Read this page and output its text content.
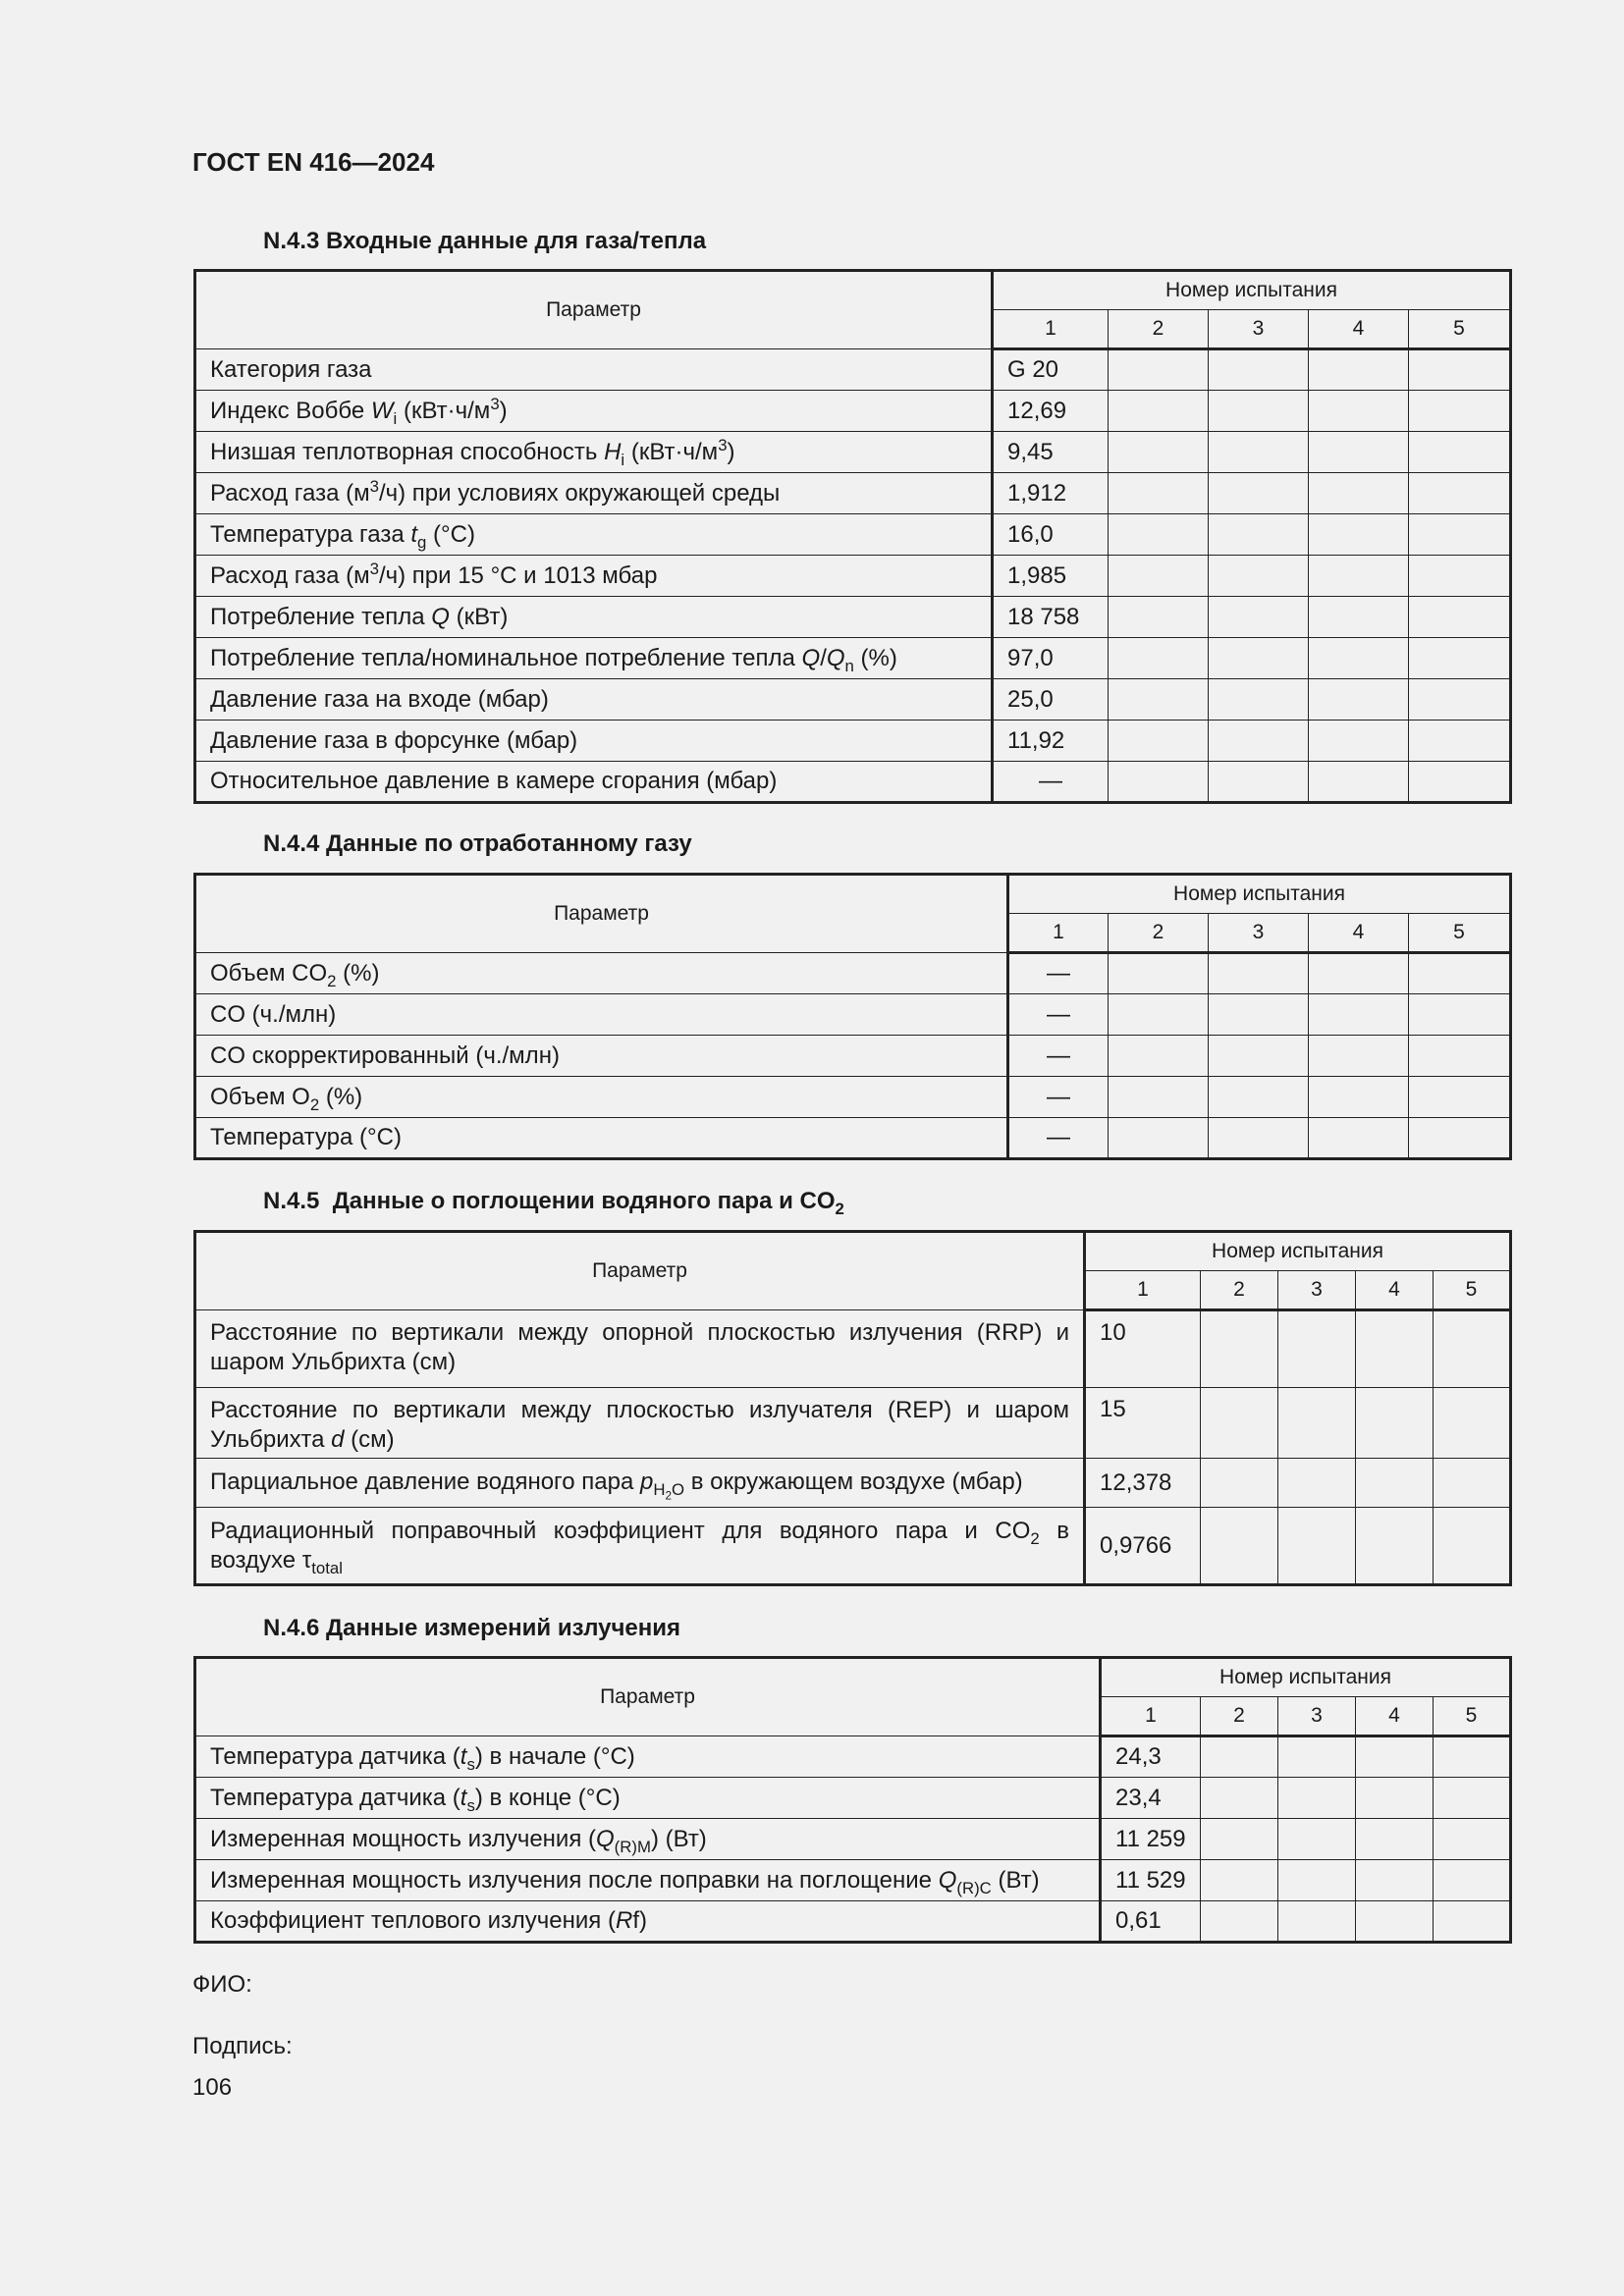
ГОСТ EN 416—2024
N.4.3 Входные данные для газа/тепла
Параметр	Номер испытания				
	1	2	3	4	5
Категория газа	G 20				
Индекс Воббе $W_i$ $(кВт\cdot ч/м^3)$	12,69				
Низшая теплотворная способность $H_i$ $(кВт\cdot ч/м^3)$	9,45				
Расход газа $(м^3/ч)$ при условиях окружающей среды	1,912				
Температура газа $t_g$ (°C)	16,0				
Расход газа $(м^3/ч)$ при 15 °C и 1013 мбар	1,985				
Потребление тепла Q (кВт)	18 758				
Потребление тепла/номинальное потребление тепла $Q/Q_n$ (%)	97,0				
Давление газа на входе (мбар)	25,0				
Давление газа в форсунке (мбар)	11,92				
Относительное давление в камере сгорания (мбар)	—				
N.4.4 Данные по отработанному газу
Параметр	Номер испытания				
	1	2	3	4	5
Объем $CO_2$ (%)	—				
CO (ч./млн)	—				
CO скорректированный (ч./млн)	—				
Объем $O_2$ (%)	—				
Температура (°C)	—				
N.4.5  Данные о поглощении водяного пара и $CO_2$
Параметр	Номер испытания				
	1	2	3	4	5
Расстояние по вертикали между опорной плоскостью излучения (RRP) и шаром Ульбрихта (см)	10				
Расстояние по вертикали между плоскостью излучателя (REP) и шаром Ульбрихта d (см)	15				
Парциальное давление водяного пара $p_{H_2O}$ в окружающем воздухе (мбар)	12,378				
Радиационный поправочный коэффициент для водяного пара и $CO_2$ в воздухе $\tau_{total}$	0,9766				
N.4.6 Данные измерений излучения
Параметр	Номер испытания				
	1	2	3	4	5
Температура датчика $(t_s)$ в начале (°C)	24,3				
Температура датчика $(t_s)$ в конце (°C)	23,4				
Измеренная мощность излучения $(Q_{(R)M})$ (Вт)	11 259				
Измеренная мощность излучения после поправки на поглощение $Q_{(R)C}$ (Вт)	11 529				
Коэффициент теплового излучения (Rf)	0,61				

ФИО:

Подпись:

106
